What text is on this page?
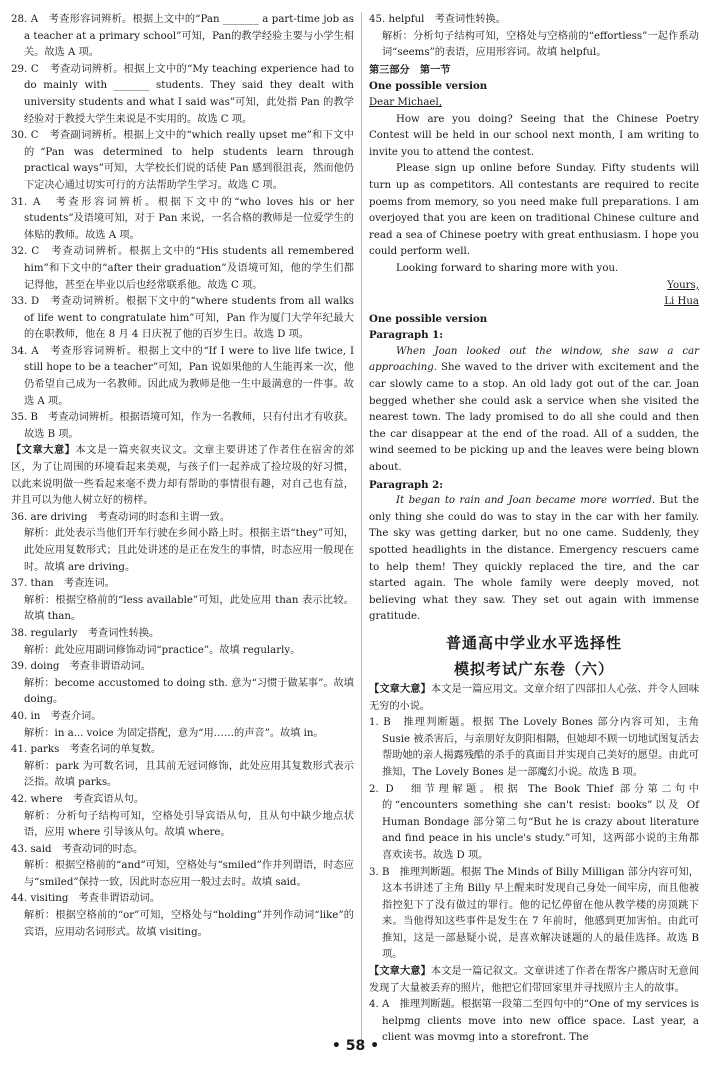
28. A　考查形容词辨析。根据上文中的“Pan _______ a part-time job as a teacher at a primary school”可知，Pan的教学经验主要与小学生相关。故选 A 项。

29. C　考查动词辨析。根据上文中的“My teaching experience had to do mainly with _______ students. They said they dealt with university students and what I said was”可知，此处指 Pan 的教学经验对于教授大学生来说是不实用的。故选 C 项。

30. C　考查副词辨析。根据上文中的“which really upset me”和下文中的“Pan was determined to help students learn through practical ways”可知，大学校长们说的话使 Pan 感到很沮丧，然而他仍下定决心通过切实可行的方法帮助学生学习。故选 C 项。

31. A　考查形容词辨析。根据下文中的“who loves his or her students”及语境可知，对于 Pan 来说，一名合格的教师是一位爱学生的体贴的教师。故选 A 项。

32. C　考查动词辨析。根据上文中的“His students all remembered him”和下文中的“after their graduation”及语境可知，他的学生们都记得他，甚至在毕业以后也经常联系他。故选 C 项。

33. D　考查动词辨析。根据下文中的“where students from all walks of life went to congratulate him”可知，Pan 作为厦门大学年纪最大的在职教师，他在 8 月 4 日庆祝了他的百岁生日。故选 D 项。

34. A　考查形容词辨析。根据上文中的“If I were to live life twice, I still hope to be a teacher”可知，Pan 说如果他的人生能再来一次，他仍希望自己成为一名教师。因此成为教师是他一生中最满意的一件事。故选 A 项。

35. B　考查动词辨析。根据语境可知，作为一名教师，只有付出才有收获。故选 B 项。

【文章大意】本文是一篇夹叙夹议文。文章主要讲述了作者住在宿舍的郊区，为了让周围的环境看起来美观，与孩子们一起养成了捡垃圾的好习惯，以此来说明做一些看起来毫不费力却有帮助的事情很有趣，对自己也有益，并且可以为他人树立好的榜样。

36. are driving　考查动词的时态和主谓一致。

解析：此处表示当他们开车行驶在乡间小路上时。根据主语“they”可知，此处应用复数形式；且此处讲述的是正在发生的事情，时态应用一般现在时。故填 are driving。

37. than　考查连词。

解析：根据空格前的“less available”可知，此处应用 than 表示比较。故填 than。

38. regularly　考查词性转换。

解析：此处应用副词修饰动词“practice”。故填 regularly。

39. doing　考查非谓语动词。

解析：become accustomed to doing sth. 意为“习惯于做某事”。故填 doing。

40. in　考查介词。

解析：in a... voice 为固定搭配，意为“用……的声音”。故填 in。

41. parks　考查名词的单复数。

解析：park 为可数名词，且其前无冠词修饰，此处应用其复数形式表示泛指。故填 parks。

42. where　考查宾语从句。

解析：分析句子结构可知，空格处引导宾语从句，且从句中缺少地点状语，应用 where 引导该从句。故填 where。

43. said　考查动词的时态。

解析：根据空格前的“and”可知，空格处与“smiled”作并列谓语，时态应与“smiled”保持一致，因此时态应用一般过去时。故填 said。

44. visiting　考查非谓语动词。

解析：根据空格前的“or”可知，空格处与“holding”并列作动词“like”的宾语，应用动名词形式。故填 visiting。

45. helpful　考查词性转换。

解析：分析句子结构可知，空格处与空格前的“effortless”一起作系动词“seems”的表语，应用形容词。故填 helpful。

第三部分　第一节

One possible version

Dear Michael,

How are you doing? Seeing that the Chinese Poetry Contest will be held in our school next month, I am writing to invite you to attend the contest.

Please sign up online before Sunday. Fifty students will turn up as competitors. All contestants are required to recite poems from memory, so you need make full preparations. I am overjoyed that you are keen on traditional Chinese culture and read a sea of Chinese poetry with great enthusiasm. I hope you could perform well.

Looking forward to sharing more with you.

Yours,
Li Hua

One possible version

Paragraph 1:

When Joan looked out the window, she saw a car approaching. She waved to the driver with excitement and the car slowly came to a stop. An old lady got out of the car. Joan begged whether she could ask a service when she visited the nearest town. The lady promised to do all she could and then the car disappear at the end of the road. All of a sudden, the wind seemed to be picking up and the leaves were being blown about.

Paragraph 2:

It began to rain and Joan became more worried. But the only thing she could do was to stay in the car with her family. The sky was getting darker, but no one came. Suddenly, they spotted headlights in the distance. Emergency rescuers came to help them! They quickly replaced the tire, and the car started again. The whole family were deeply moved, not believing what they saw. They set out again with immense gratitude.

普通高中学业水平选择性

模拟考试广东卷（六）

【文章大意】本文是一篇应用文。文章介绍了四部扣人心弦、并令人回味无穷的小说。

1. B　推理判断题。根据 The Lovely Bones 部分内容可知，主角 Susie 被杀害后，与亲朋好友阴阳相隔，但她却不顾一切地试图复活去帮助她的亲人揭露残酷的杀手的真面目并实现自己美好的愿望。由此可推知，The Lovely Bones 是一部魔幻小说。故选 B 项。

2. D　细节理解题。根据 The Book Thief 部分第二句中的“encounters something she can't resist: books”以及 Of Human Bondage 部分第二句“But he is crazy about literature and find peace in his uncle's study.”可知，这两部小说的主角都喜欢读书。故选 D 项。

3. B　推理判断题。根据 The Minds of Billy Milligan 部分内容可知，这本书讲述了主角 Billy 早上醒来时发现自己身处一间牢房，而且他被指控犯下了没有做过的罪行。他的记忆停留在他从教学楼的房顶跳下来。当他得知这些事件是发生在 7 年前时，他感到更加害怕。由此可推知，这是一部悬疑小说，是喜欢解决谜题的人的最佳选择。故选 B 项。

【文章大意】本文是一篇记叙文。文章讲述了作者在帮客户搬店时无意间发现了大量被丢弃的照片，他把它们带回家里并寻找照片主人的故事。

4. A　推理判断题。根据第一段第二至四句中的“One of my services is helpmg clients move into new office space. Last year, a client was movmg into a storefront. The

• 58 •
